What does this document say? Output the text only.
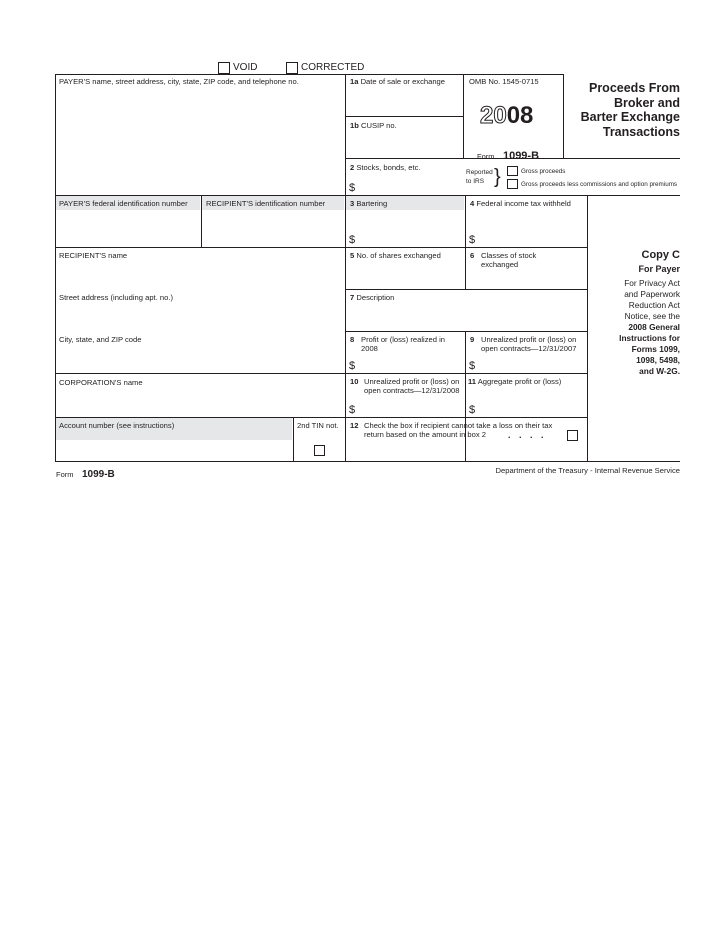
VOID	CORRECTED
PAYER'S name, street address, city, state, ZIP code, and telephone no.
PAYER'S federal identification number RECIPIENT'S identification number
RECIPIENT'S name
Street address (including apt. no.)
City, state, and ZIP code
CORPORATION'S name
Account number (see instructions)	2nd TIN not.
1a Date of sale or exchange
1b CUSIP no.
OMB No. 1545-0715
2008
Form 1099-B
Proceeds From
Broker and
Barter Exchange
Transactions
2 Stocks, bonds, etc.
$
Reported
to IRS }	Gross proceeds
Gross proceeds less commissions and option premiums
3 Bartering
$
4 Federal income tax withheld
$
5 No. of shares exchanged	6 Classes of stock exchanged
7 Description
8 Profit or (loss) realized in 2008
$
9 Unrealized profit or (loss) on open contracts—12/31/2007
$
10 Unrealized profit or (loss) on open contracts—12/31/2008
$
11 Aggregate profit or (loss)
$
12 Check the box if recipient cannot take a loss on their tax return based on the amount in box 2	. . . .
Copy C
For Payer
For Privacy Act
and Paperwork
Reduction Act
Notice, see the
2008 General
Instructions for
Forms 1099,
1098, 5498,
and W-2G.
Form 1099-B	Department of the Treasury - Internal Revenue Service
